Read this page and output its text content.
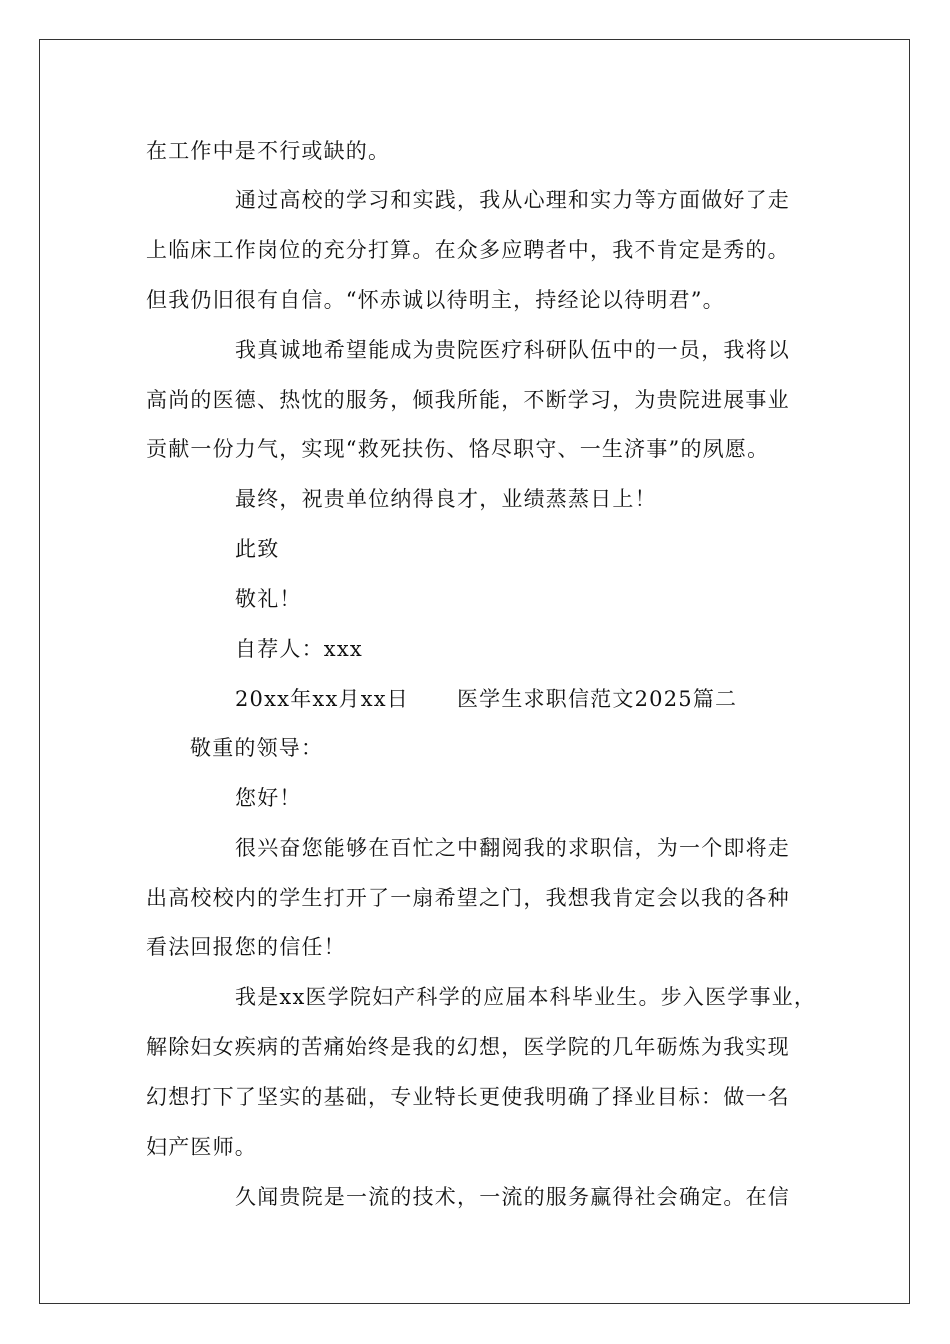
在工作中是不行或缺的。
通过高校的学习和实践，我从心理和实力等方面做好了走
上临床工作岗位的充分打算。在众多应聘者中，我不肯定是秀的。
但我仍旧很有自信。“怀赤诚以待明主，持经论以待明君”。
我真诚地希望能成为贵院医疗科研队伍中的一员，我将以
高尚的医德、热忱的服务，倾我所能，不断学习，为贵院进展事业
贡献一份力气，实现“救死扶伤、恪尽职守、一生济事”的夙愿。
最终，祝贵单位纳得良才，业绩蒸蒸日上！
此致
敬礼！
自荐人：xxx
20xx年xx月xx日 医学生求职信范文2025篇二
敬重的领导：
您好！
很兴奋您能够在百忙之中翻阅我的求职信，为一个即将走
出高校校内的学生打开了一扇希望之门，我想我肯定会以我的各种
看法回报您的信任！
我是xx医学院妇产科学的应届本科毕业生。步入医学事业，
解除妇女疾病的苦痛始终是我的幻想，医学院的几年砺炼为我实现
幻想打下了坚实的基础，专业特长更使我明确了择业目标：做一名
妇产医师。
久闻贵院是一流的技术，一流的服务赢得社会确定。在信
